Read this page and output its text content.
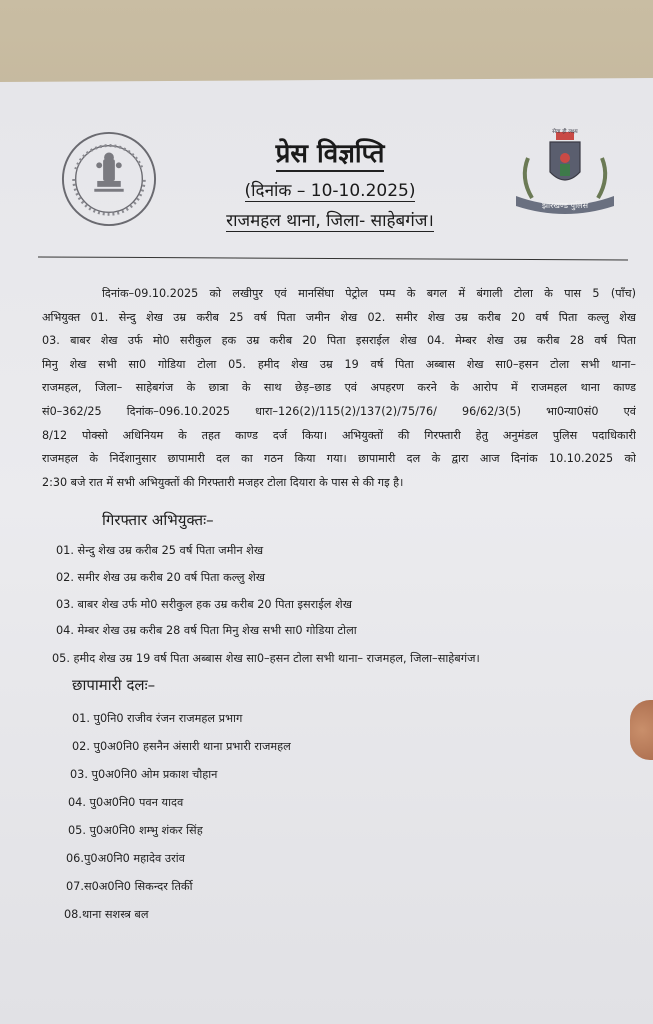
झारखण्ड पुलिस
सेवा ही लक्ष्य
प्रेस विज्ञप्ति
(दिनांक – 10-10.2025)
राजमहल थाना, जिला- साहेबगंज।
दिनांक–09.10.2025 को लखीपुर एवं मानसिंघा पेट्रोल पम्प के बगल में बंगाली टोला के पास 5 (पाँच)
अभियुक्त 01. सेन्दु शेख उम्र करीब 25 वर्ष पिता जमीन शेख 02. समीर शेख उम्र करीब 20 वर्ष पिता कल्लु शेख
03. बाबर शेख उर्फ मो0 सरीकुल हक उम्र करीब 20 पिता इसराईल शेख 04. मेम्बर शेख उम्र करीब 28 वर्ष पिता
मिनु शेख सभी सा0 गोडिया टोला 05. हमीद शेख उम्र 19 वर्ष पिता अब्बास शेख सा0–हसन टोला सभी थाना–
राजमहल, जिला– साहेबगंज के छात्रा के साथ छेड़–छाड एवं अपहरण करने के आरोप में राजमहल थाना काण्ड
सं0–362/25 दिनांक–096.10.2025 धारा–126(2)/115(2)/137(2)/75/76/ 96/62/3(5) भा0न्या0सं0 एवं
8/12 पोक्सो अधिनियम के तहत काण्ड दर्ज किया। अभियुक्तों की गिरफ्तारी हेतु अनुमंडल पुलिस पदाधिकारी
राजमहल के निर्देशानुसार छापामारी दल का गठन किया गया। छापामारी दल के द्वारा आज दिनांक 10.10.2025 को
2:30 बजे रात में सभी अभियुक्तों की गिरफ्तारी मजहर टोला दियारा के पास से की गइ है।
गिरफ्तार अभियुक्तः–
01. सेन्दु शेख उम्र करीब 25 वर्ष पिता जमीन शेख
02. समीर शेख उम्र करीब 20 वर्ष पिता कल्लु शेख
03. बाबर शेख उर्फ मो0 सरीकुल हक उम्र करीब 20 पिता इसराईल शेख
04. मेम्बर शेख उम्र करीब 28 वर्ष पिता मिनु शेख सभी सा0 गोडिया टोला
05. हमीद शेख उम्र 19 वर्ष पिता अब्बास शेख सा0–हसन टोला सभी थाना– राजमहल, जिला–साहेबगंज।
छापामारी दलः–
01. पु0नि0 राजीव रंजन राजमहल प्रभाग
02. पु0अ0नि0 हसनैन अंसारी थाना प्रभारी राजमहल
03. पु0अ0नि0 ओम प्रकाश चौहान
04. पु0अ0नि0 पवन यादव
05. पु0अ0नि0 शम्भु शंकर सिंह
06.पु0अ0नि0 महादेव उरांव
07.स0अ0नि0 सिकन्दर तिर्की
08.थाना सशस्त्र बल
